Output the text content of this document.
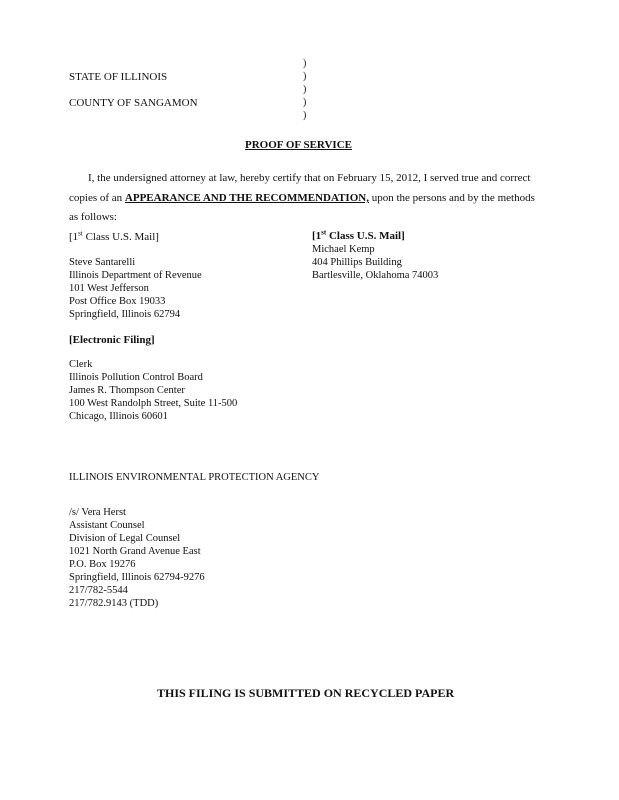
)
)
)
)
)
STATE OF ILLINOIS
COUNTY OF SANGAMON
PROOF OF SERVICE
I, the undersigned attorney at law, hereby certify that on February 15, 2012, I served true and correct
copies of an APPEARANCE AND THE RECOMMENDATION, upon the persons and by the methods
as follows:
[1st Class U.S. Mail]
Steve Santarelli
Illinois Department of Revenue
101 West Jefferson
Post Office Box 19033
Springfield, Illinois 62794
[1st Class U.S. Mail]
Michael Kemp
404 Phillips Building
Bartlesville, Oklahoma 74003
[Electronic Filing]
Clerk
Illinois Pollution Control Board
James R. Thompson Center
100 West Randolph Street, Suite 11-500
Chicago, Illinois 60601
ILLINOIS ENVIRONMENTAL PROTECTION AGENCY
/s/ Vera Herst
Assistant Counsel
Division of Legal Counsel
1021 North Grand Avenue East
P.O. Box 19276
Springfield, Illinois 62794-9276
217/782-5544
217/782.9143 (TDD)
THIS FILING IS SUBMITTED ON RECYCLED PAPER
